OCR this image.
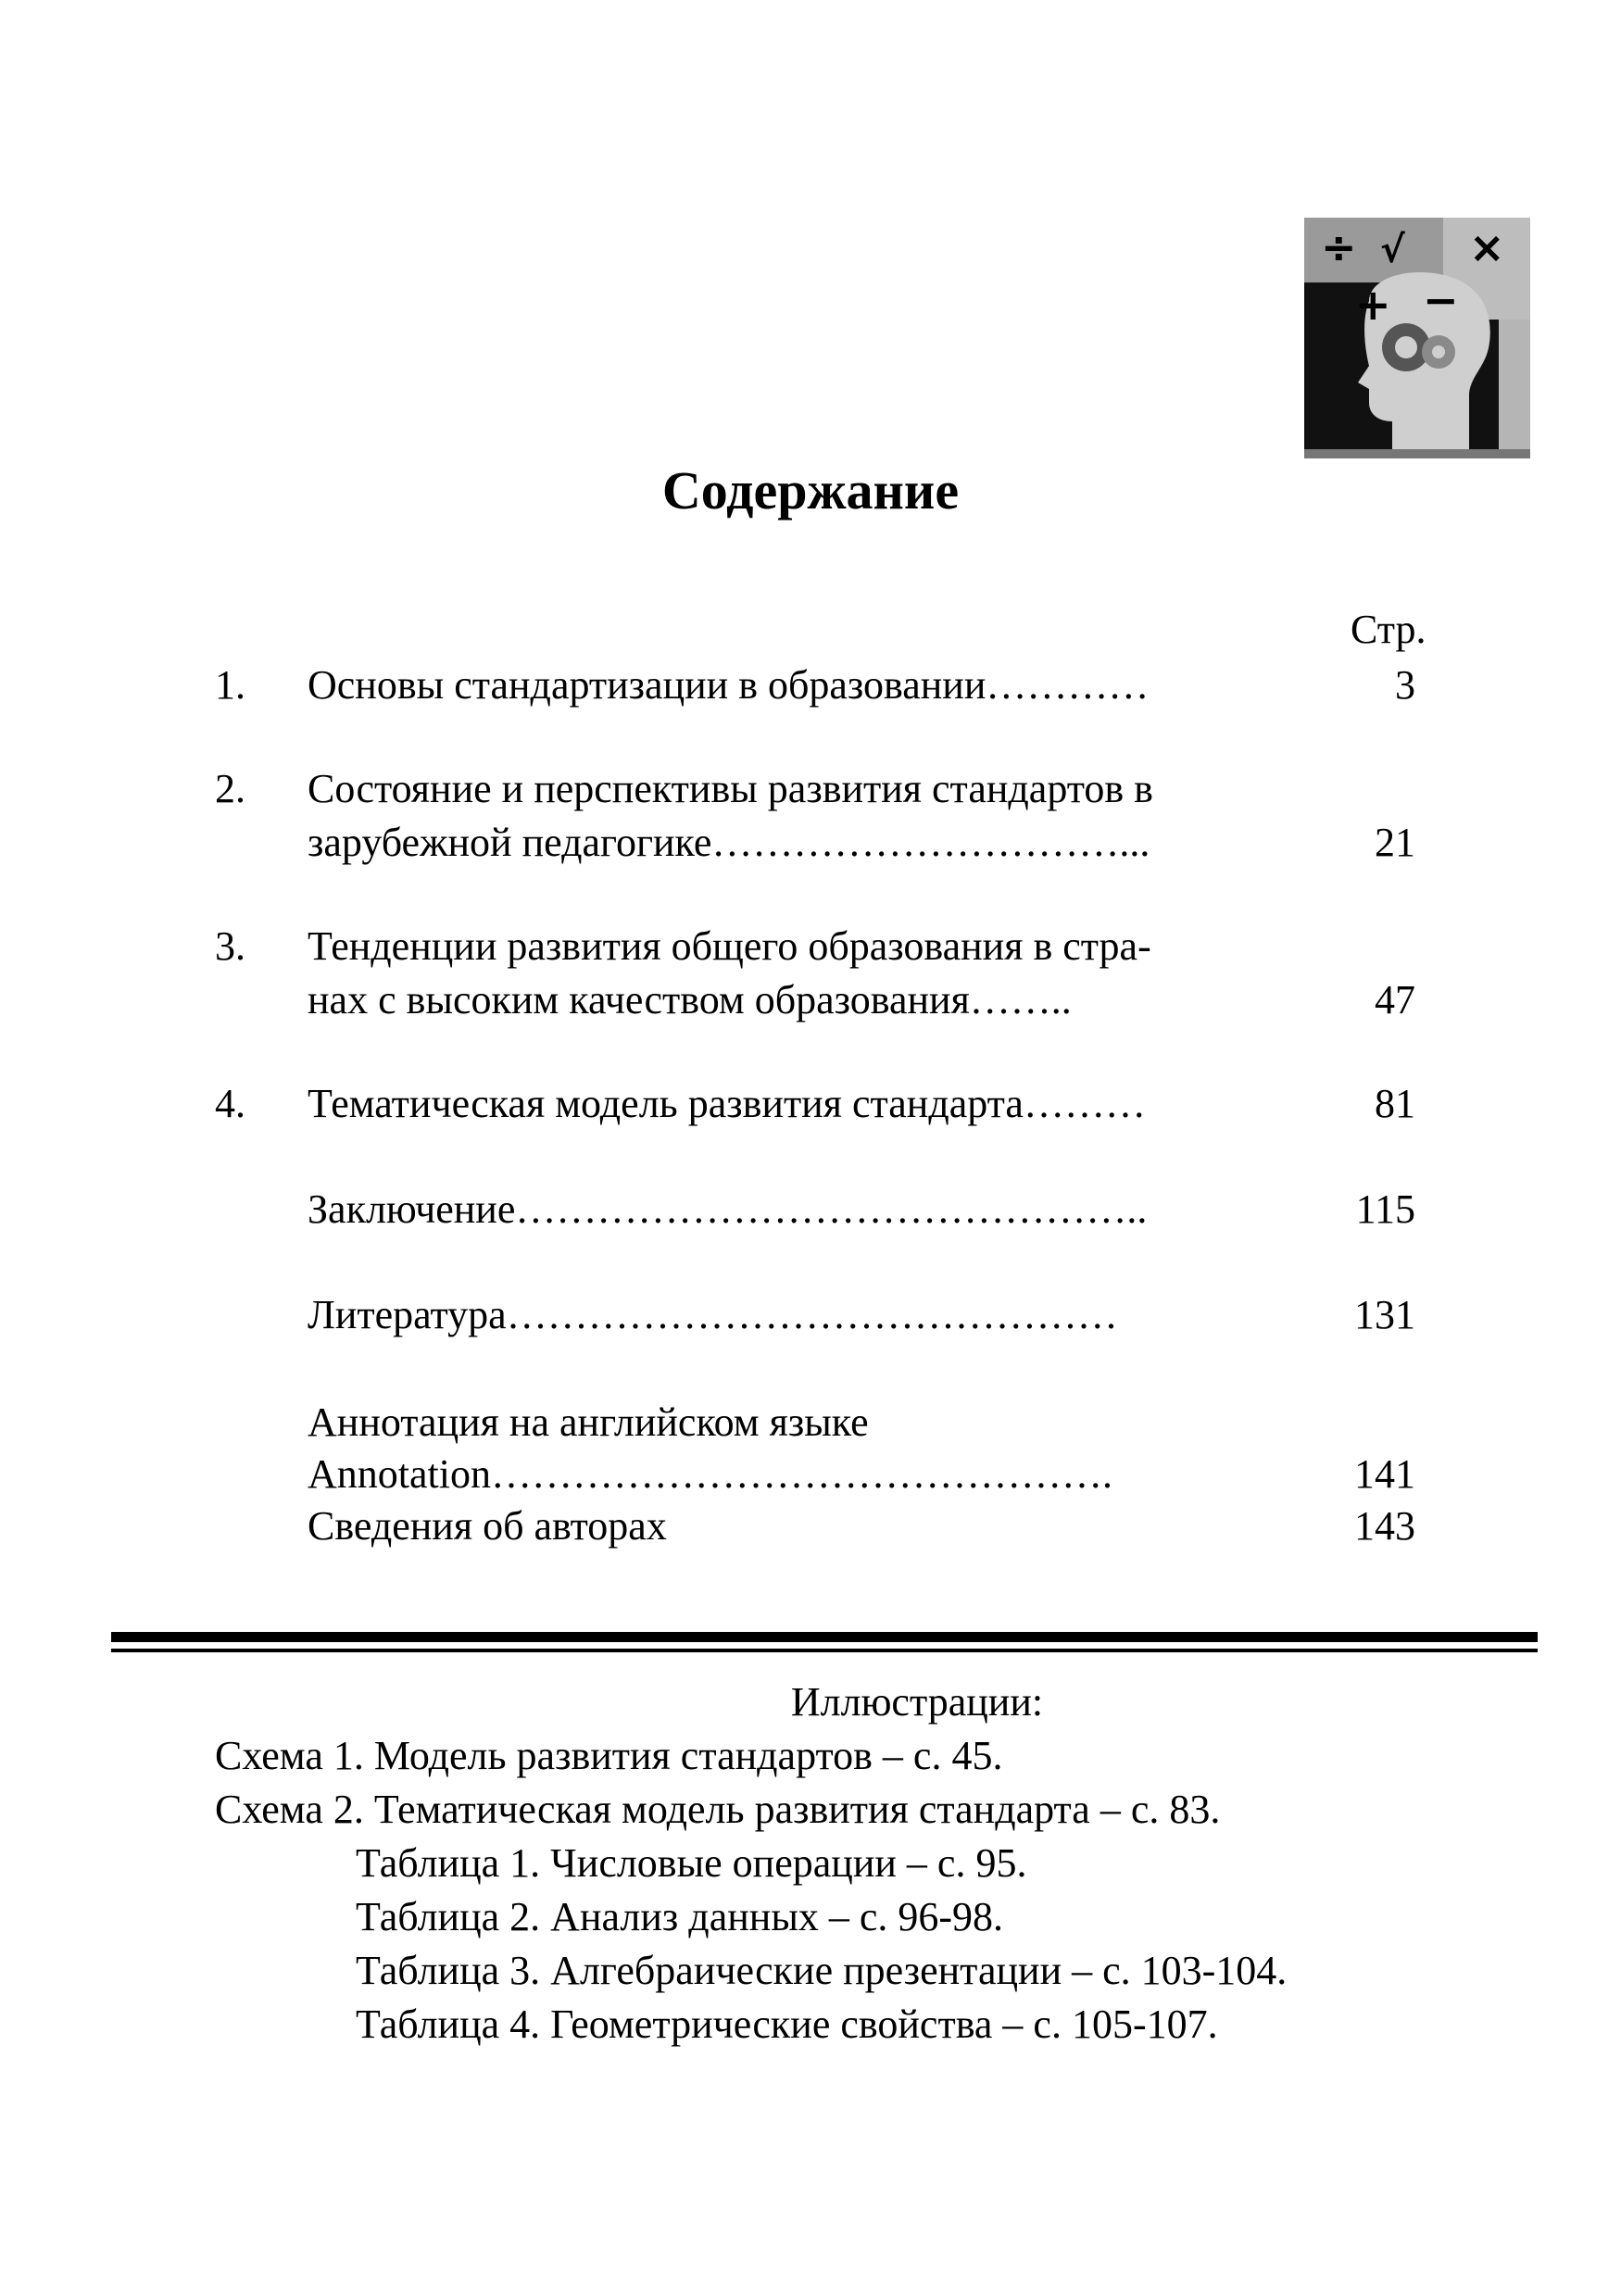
÷ √ ×
+ −
Содержание
Стр.
1. Основы стандартизации в образовании…………	3
2. Состояние и перспективы развития стандартов в
зарубежной педагогике…………………………...	21
3. Тенденции развития общего образования в стра-
нах с высоким качеством образования……..	47
4. Тематическая модель развития стандарта………	81
Заключение………………………………………..	115
Литература………………………………………	131
Аннотация на английском языке
Annotation……………………………………….	141
Сведения об авторах	143
Иллюстрации:
Схема 1. Модель развития стандартов – с. 45.
Схема 2. Тематическая модель развития стандарта – с. 83.
Таблица 1. Числовые операции – с. 95.
Таблица 2. Анализ данных – с. 96-98.
Таблица 3. Алгебраические презентации – с. 103-104.
Таблица 4. Геометрические свойства – с. 105-107.
